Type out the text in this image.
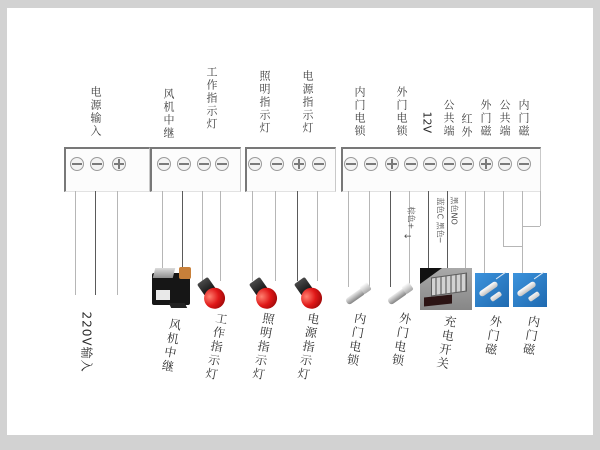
电源输入	风机中继	工作指示灯	照明指示灯	电源指示灯	内门电锁	外门电锁 12V 公共端 红外 外门磁 公共端 内门磁
棕色+
←	蓝色C 黑色─ 黑色NO
220V输入	风机中继 工作指示灯 照明指示灯 电源指示灯 内门电锁 外门电锁 充电开关 外门磁 内门磁
